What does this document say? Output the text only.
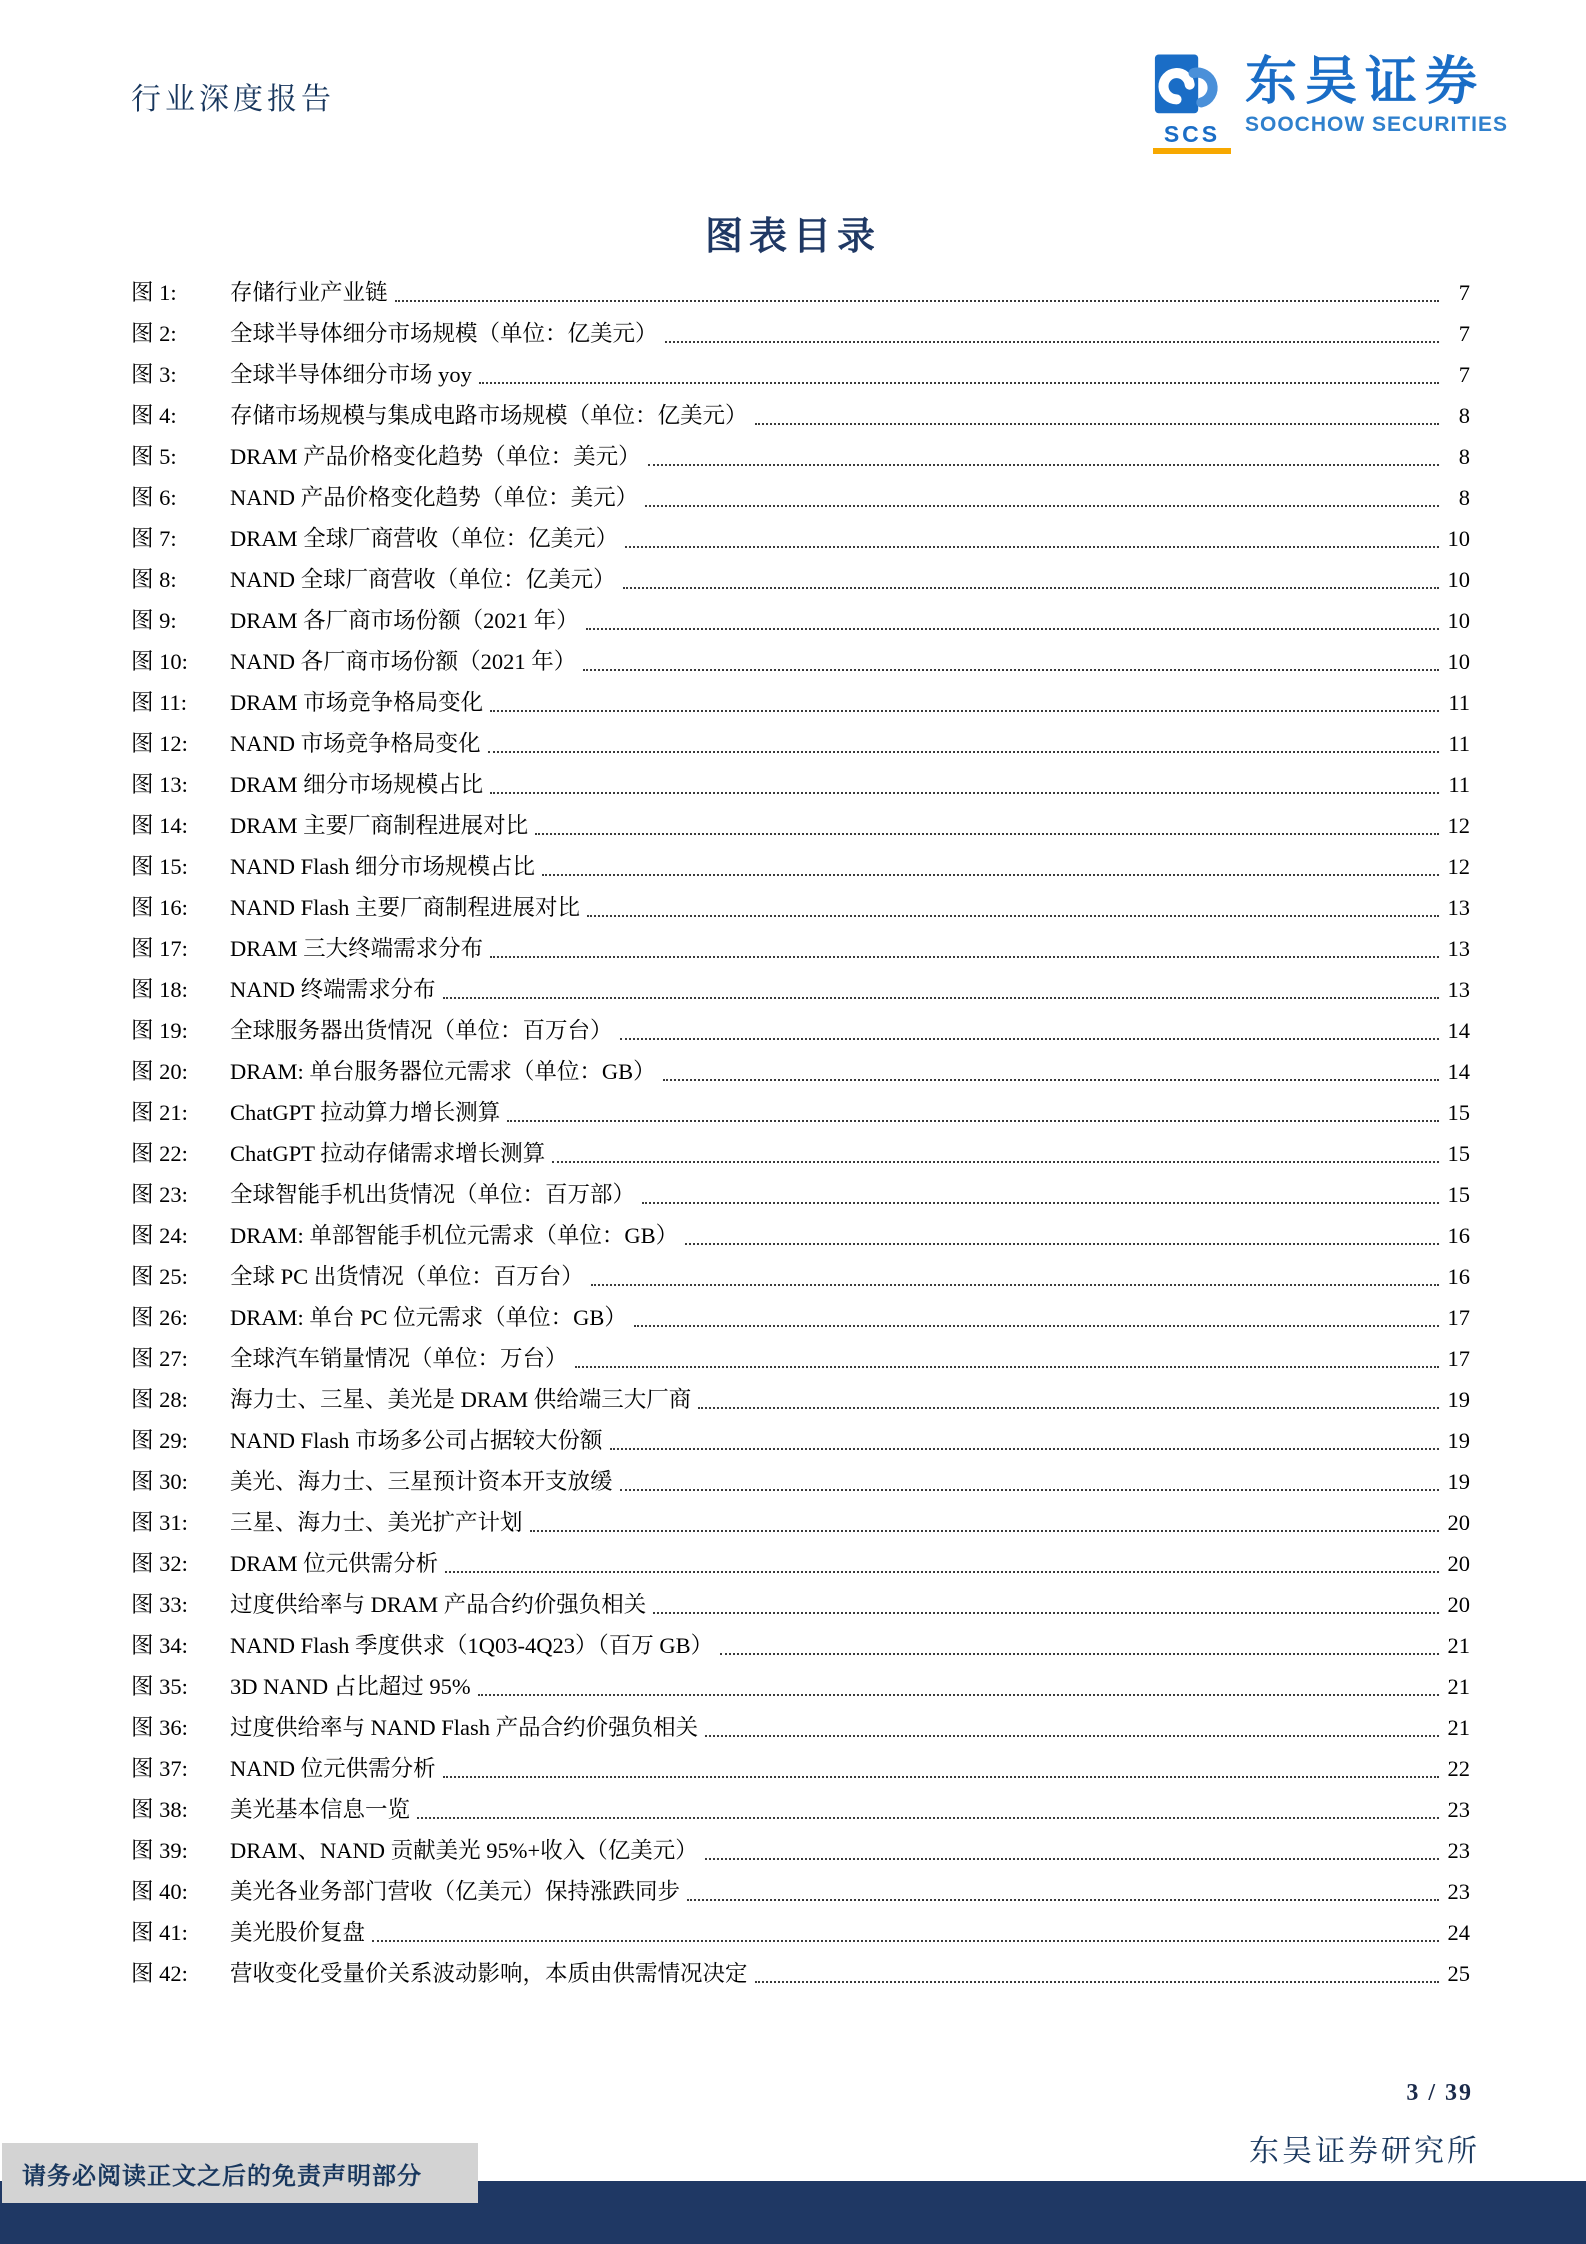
行业深度报告
SCS
东吴证券
SOOCHOW SECURITIES
图表目录
图 1:	存储行业产业链	7
图 2:	全球半导体细分市场规模（单位：亿美元）	7
图 3:	全球半导体细分市场 yoy	7
图 4:	存储市场规模与集成电路市场规模（单位：亿美元）	8
图 5:	DRAM 产品价格变化趋势（单位：美元）	8
图 6:	NAND 产品价格变化趋势（单位：美元）	8
图 7:	DRAM 全球厂商营收（单位：亿美元）	10
图 8:	NAND 全球厂商营收（单位：亿美元）	10
图 9:	DRAM 各厂商市场份额（2021 年）	10
图 10:	NAND 各厂商市场份额（2021 年）	10
图 11:	DRAM 市场竞争格局变化	11
图 12:	NAND 市场竞争格局变化	11
图 13:	DRAM 细分市场规模占比	11
图 14:	DRAM 主要厂商制程进展对比	12
图 15:	NAND Flash 细分市场规模占比	12
图 16:	NAND Flash 主要厂商制程进展对比	13
图 17:	DRAM 三大终端需求分布	13
图 18:	NAND 终端需求分布	13
图 19:	全球服务器出货情况（单位：百万台）	14
图 20:	DRAM: 单台服务器位元需求（单位：GB）	14
图 21:	ChatGPT 拉动算力增长测算	15
图 22:	ChatGPT 拉动存储需求增长测算	15
图 23:	全球智能手机出货情况（单位：百万部）	15
图 24:	DRAM: 单部智能手机位元需求（单位：GB）	16
图 25:	全球 PC 出货情况（单位：百万台）	16
图 26:	DRAM: 单台 PC 位元需求（单位：GB）	17
图 27:	全球汽车销量情况（单位：万台）	17
图 28:	海力士、三星、美光是 DRAM 供给端三大厂商	19
图 29:	NAND Flash 市场多公司占据较大份额	19
图 30:	美光、海力士、三星预计资本开支放缓	19
图 31:	三星、海力士、美光扩产计划	20
图 32:	DRAM 位元供需分析	20
图 33:	过度供给率与 DRAM 产品合约价强负相关	20
图 34:	NAND Flash 季度供求（1Q03-4Q23）（百万 GB）	21
图 35:	3D NAND 占比超过 95%	21
图 36:	过度供给率与 NAND Flash 产品合约价强负相关	21
图 37:	NAND 位元供需分析	22
图 38:	美光基本信息一览	23
图 39:	DRAM、NAND 贡献美光 95%+收入（亿美元）	23
图 40:	美光各业务部门营收（亿美元）保持涨跌同步	23
图 41:	美光股价复盘	24
图 42:	营收变化受量价关系波动影响，本质由供需情况决定	25
3 / 39
东吴证券研究所
请务必阅读正文之后的免责声明部分
